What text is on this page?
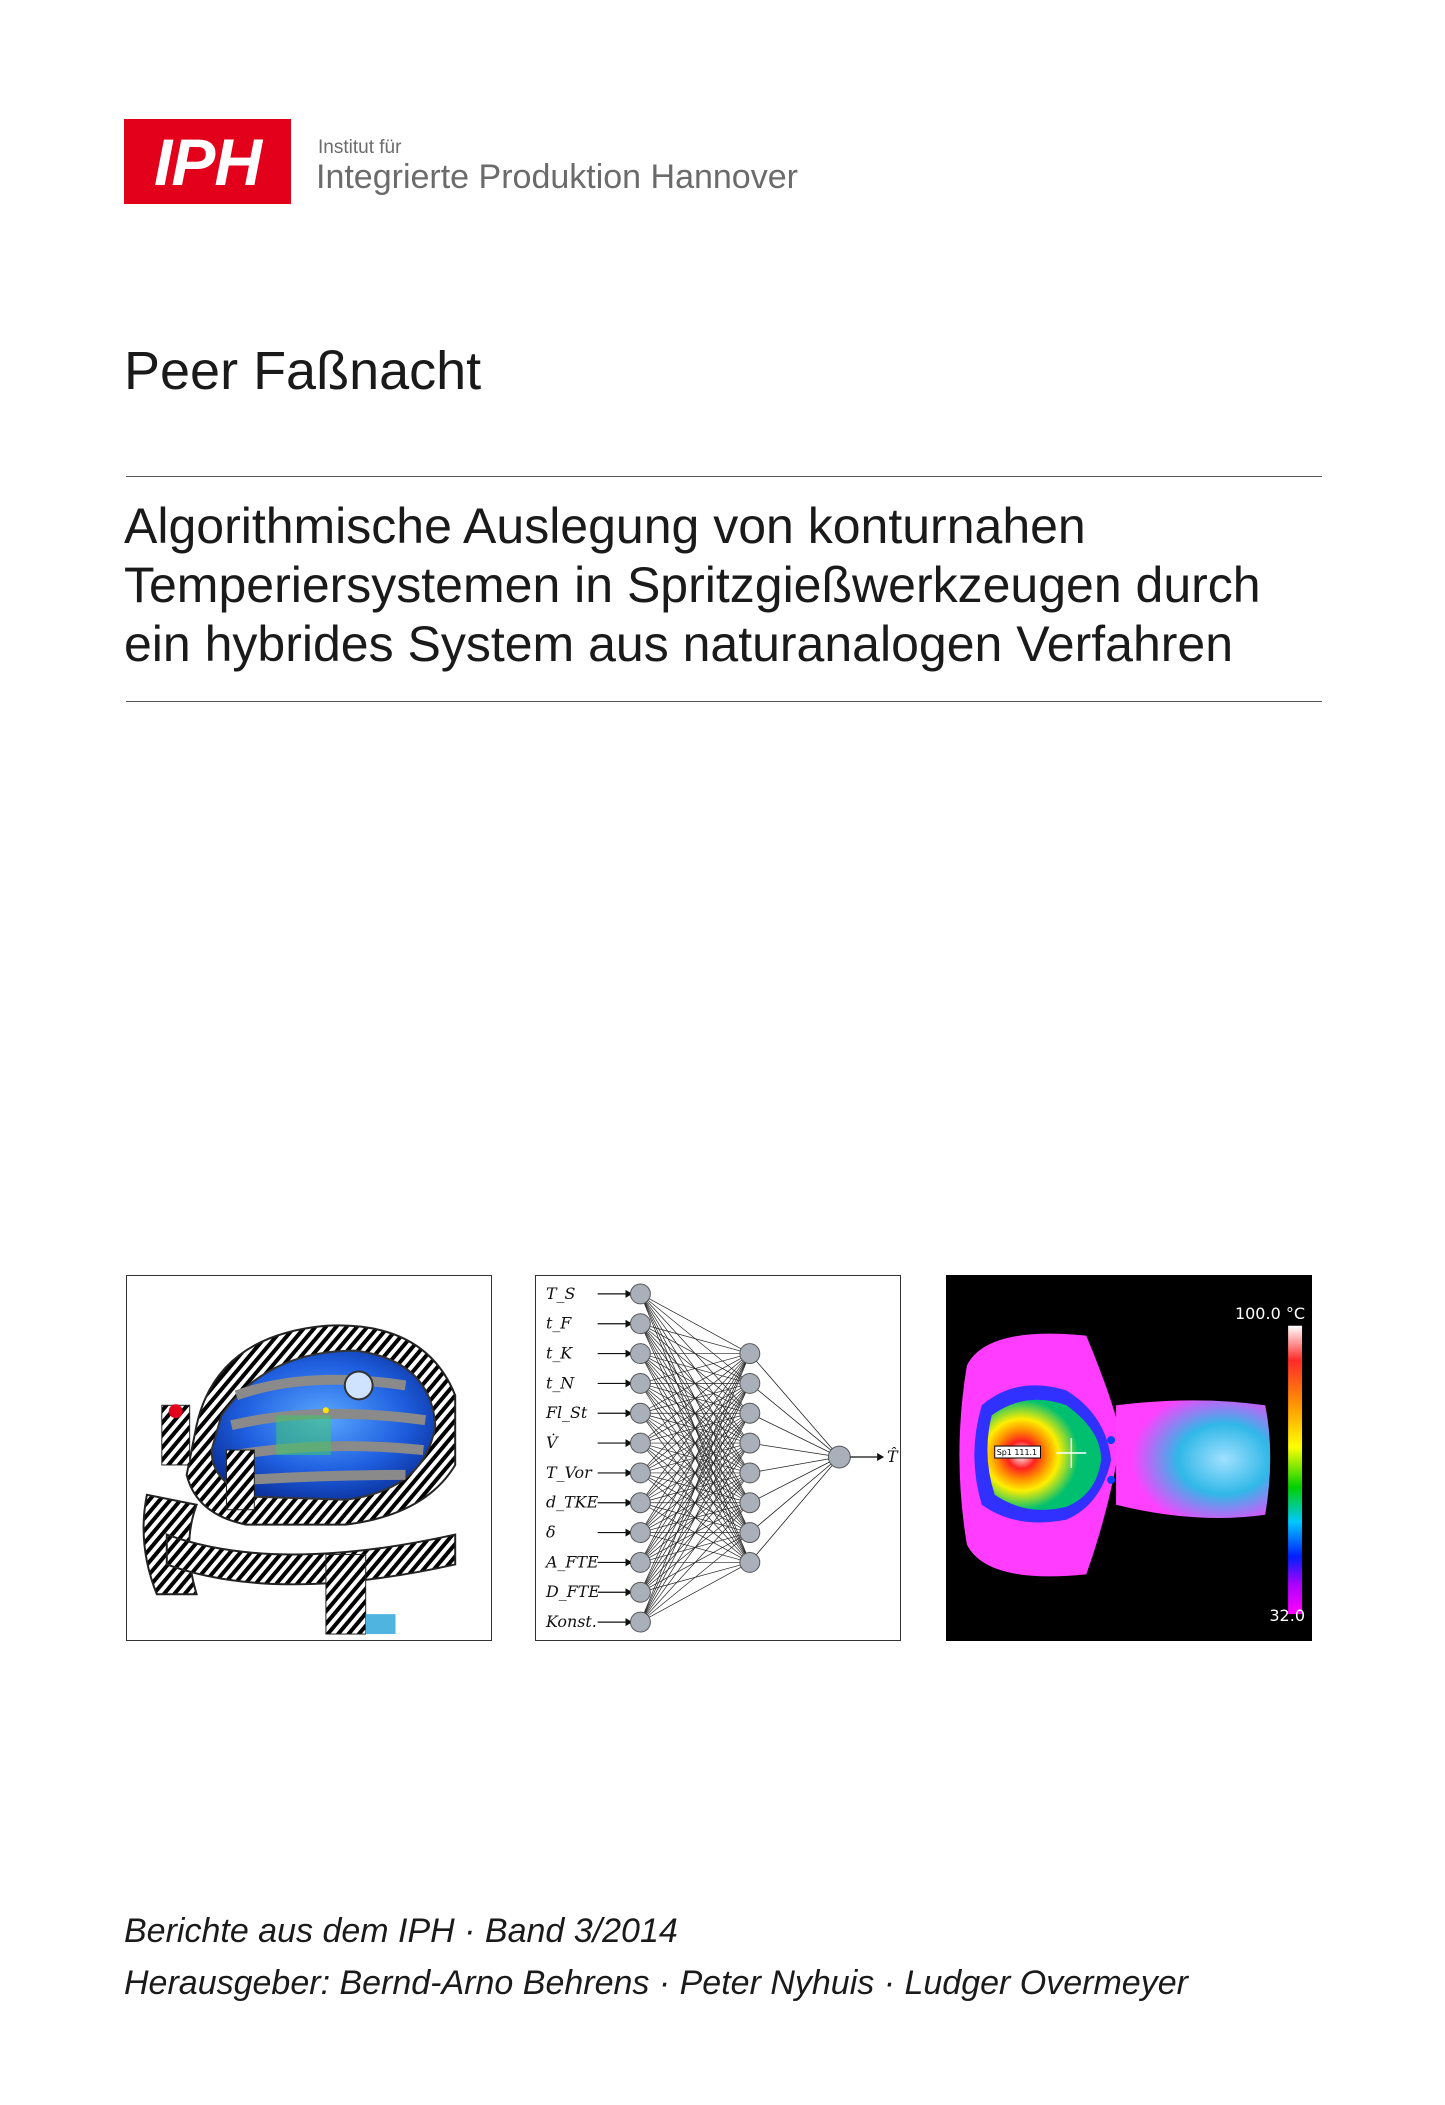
IPH	Institut für
Integrierte Produktion Hannover
Peer Faßnacht
Algorithmische Auslegung von konturnahen
Temperiersystemen in Spritzgießwerkzeugen durch
ein hybrides System aus naturanalogen Verfahren
T_S
t_F
t_K
t_N
Fl_St
V̇
T_Vor
d_TKE
δ
A_FTE
D_FTE
Konst.
T̂	Sp1 111.1
100.0 °C
32.0
Berichte aus dem IPH · Band 3/2014
Herausgeber: Bernd-Arno Behrens · Peter Nyhuis · Ludger Overmeyer
